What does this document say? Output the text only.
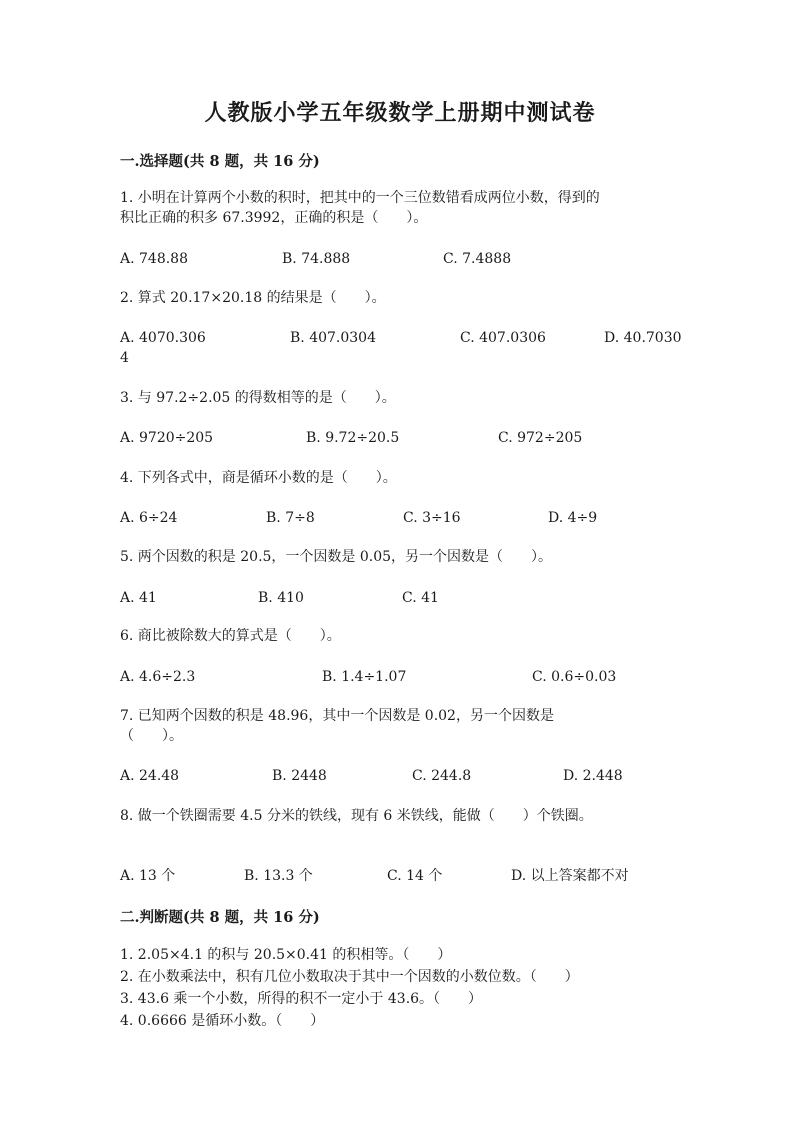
人教版小学五年级数学上册期中测试卷
一.选择题(共 8 题，共 16 分)
1. 小明在计算两个小数的积时，把其中的一个三位数错看成两位小数，得到的
积比正确的积多 67.3992，正确的积是（　　）。
A. 748.88	B. 74.888	C. 7.4888
2. 算式 20.17×20.18 的结果是（　　）。
A. 4070.306	B. 407.0304	C. 407.0306	D. 40.7030
4
3. 与 97.2÷2.05 的得数相等的是（　　）。
A. 9720÷205	B. 9.72÷20.5	C. 972÷205
4. 下列各式中，商是循环小数的是（　　）。
A. 6÷24	B. 7÷8	C. 3÷16	D. 4÷9
5. 两个因数的积是 20.5，一个因数是 0.05，另一个因数是（　　）。
A. 41	B. 410	C. 41
6. 商比被除数大的算式是（　　）。
A. 4.6÷2.3	B. 1.4÷1.07	C. 0.6÷0.03
7. 已知两个因数的积是 48.96，其中一个因数是 0.02，另一个因数是
（　　）。
A. 24.48	B. 2448	C. 244.8	D. 2.448
8. 做一个铁圈需要 4.5 分米的铁线，现有 6 米铁线，能做（　　）个铁圈。
A. 13 个	B. 13.3 个	C. 14 个	D. 以上答案都不对
二.判断题(共 8 题，共 16 分)
1. 2.05×4.1 的积与 20.5×0.41 的积相等。（　　）
2. 在小数乘法中，积有几位小数取决于其中一个因数的小数位数。（　　）
3. 43.6 乘一个小数，所得的积不一定小于 43.6。（　　）
4. 0.6666 是循环小数。（　　）
